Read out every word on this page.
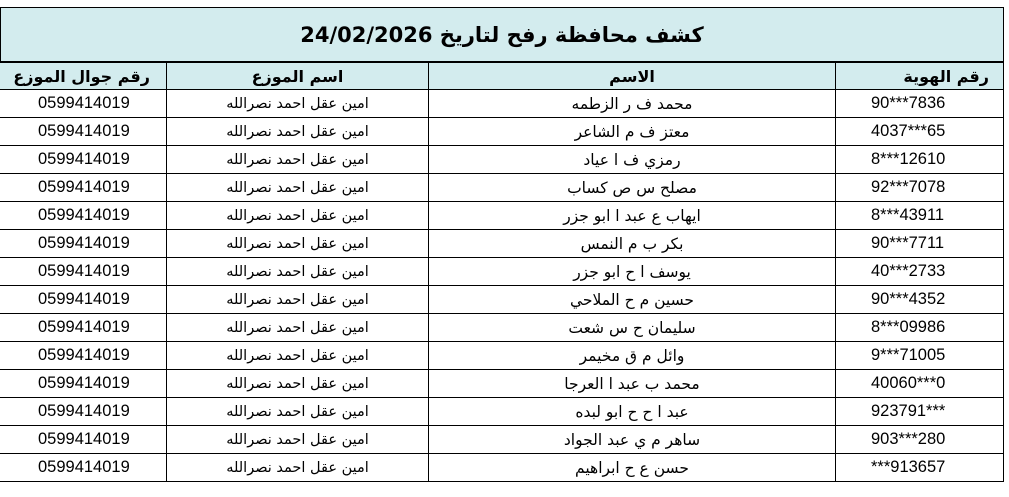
كشف محافظة رفح لتاريخ 24/02/2026
رقم الهوية	الاسم	اسم الموزع	رقم جوال الموزع
90***7836	محمد ف ر الزطمه	امين عقل احمد نصرالله	0599414019
4037***65	معتز ف م الشاعر	امين عقل احمد نصرالله	0599414019
8***12610	رمزي ف ا عياد	امين عقل احمد نصرالله	0599414019
92***7078	مصلح س ص كساب	امين عقل احمد نصرالله	0599414019
8***43911	ايهاب ع عبد ا ابو جزر	امين عقل احمد نصرالله	0599414019
90***7711	بكر ب م النمس	امين عقل احمد نصرالله	0599414019
40***2733	يوسف ا ح ابو جزر	امين عقل احمد نصرالله	0599414019
90***4352	حسين م ح الملاحي	امين عقل احمد نصرالله	0599414019
8***09986	سليمان ح س شعت	امين عقل احمد نصرالله	0599414019
9***71005	وائل م ق مخيمر	امين عقل احمد نصرالله	0599414019
40060***0	محمد ب عبد ا العرجا	امين عقل احمد نصرالله	0599414019
923791***	عبد ا ح ح ابو لبده	امين عقل احمد نصرالله	0599414019
903***280	ساهر م ي عبد الجواد	امين عقل احمد نصرالله	0599414019
***913657	حسن ع ح ابراهيم	امين عقل احمد نصرالله	0599414019
